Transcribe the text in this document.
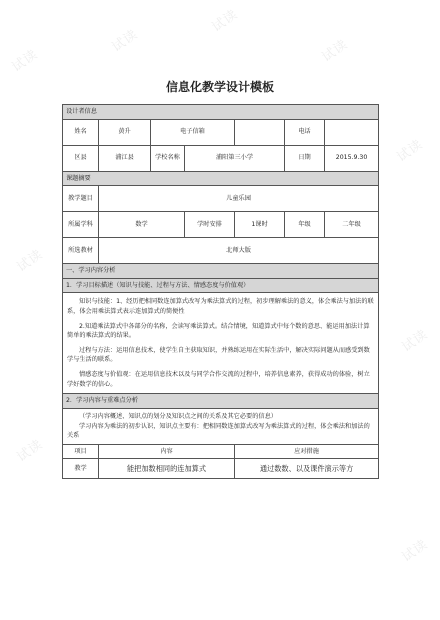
试读
试读
试读
试读
试读
试读
试读
试读
试读
信息化教学设计模板
设计者信息						
姓名	黄升	电子信箱			电话	
区县	浦江县	学校名称	浦阳第三小学		日期	2015.9.30
课题摘要						
教学题目	儿童乐园					
所属学科	数学		学时安排	1课时	年级	二年级
所选教材	北师大版					
一、学习内容分析						
1．学习目标描述（知识与技能、过程与方法、情感态度与价值观）						

知识与技能：1、经历把相同数连加算式改写为乘法算式的过程，初步理解乘法的意义，体会乘法与加法的联系，体会用乘法算式表示连加算式的简便性

2.知道乘法算式中各部分的名称，会读写乘法算式。结合情境，知道算式中每个数的意思、能运用加法计算简单的乘法算式的结果。

过程与方法：运用信息技术，使学生自主获取知识，并熟练运用在实际生活中，解决实际问题从而感受到数学与生活的联系。

情感态度与价值观：在运用信息技术以及与同学合作交流的过程中，培养信息素养，获得成功的体验，树立学好数学的信心。						

2．学习内容与重难点分析						

（学习内容概述、知识点的划分及知识点之间的关系及其它必要的信息）

学习内容为乘法的初步认识，知识点主要有：把相同数连加算式改写为乘法算式的过程，体会乘法和加法的关系						

项目	内容			应对措施		
教学	能把加数相同的连加算式			通过数数、以及课件演示等方		
